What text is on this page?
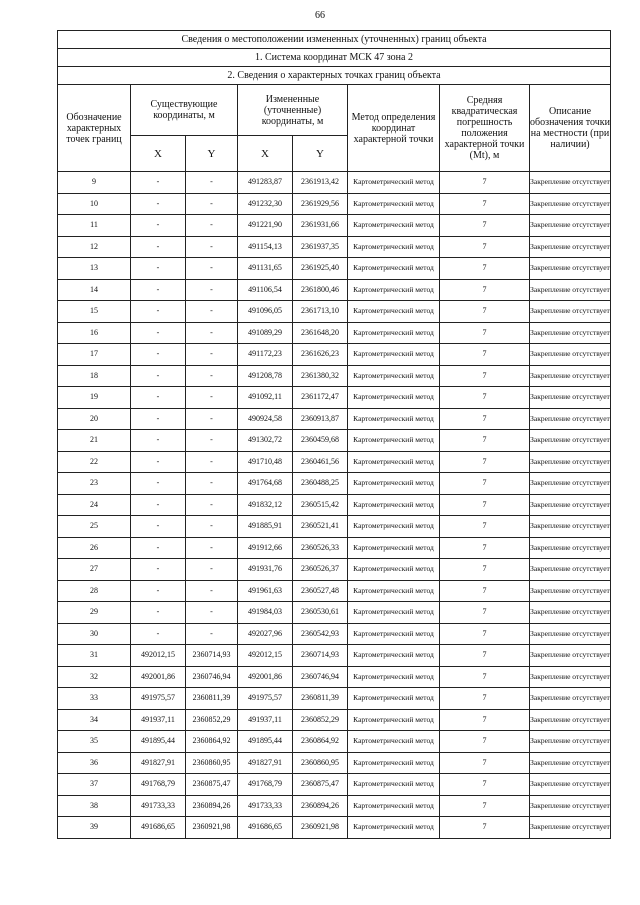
66
Сведения о местоположении измененных (уточненных) границ объекта							
1. Система координат МСК 47 зона 2							
2. Сведения о характерных точках границ объекта							
Обозначение характерных точек границ	Существующие координаты, м		Измененные (уточненные) координаты, м		Метод определения координат характерной точки	Средняя квадратическая погрешность положения характерной точки (Mt), м	Описание обозначения точки на местности (при наличии)
	X	Y	X	Y			
9	-	-	491283,87	2361913,42	Картометрический метод	7	Закрепление отсутствует
10	-	-	491232,30	2361929,56	Картометрический метод	7	Закрепление отсутствует
11	-	-	491221,90	2361931,66	Картометрический метод	7	Закрепление отсутствует
12	-	-	491154,13	2361937,35	Картометрический метод	7	Закрепление отсутствует
13	-	-	491131,65	2361925,40	Картометрический метод	7	Закрепление отсутствует
14	-	-	491106,54	2361800,46	Картометрический метод	7	Закрепление отсутствует
15	-	-	491096,05	2361713,10	Картометрический метод	7	Закрепление отсутствует
16	-	-	491089,29	2361648,20	Картометрический метод	7	Закрепление отсутствует
17	-	-	491172,23	2361626,23	Картометрический метод	7	Закрепление отсутствует
18	-	-	491208,78	2361380,32	Картометрический метод	7	Закрепление отсутствует
19	-	-	491092,11	2361172,47	Картометрический метод	7	Закрепление отсутствует
20	-	-	490924,58	2360913,87	Картометрический метод	7	Закрепление отсутствует
21	-	-	491302,72	2360459,68	Картометрический метод	7	Закрепление отсутствует
22	-	-	491710,48	2360461,56	Картометрический метод	7	Закрепление отсутствует
23	-	-	491764,68	2360488,25	Картометрический метод	7	Закрепление отсутствует
24	-	-	491832,12	2360515,42	Картометрический метод	7	Закрепление отсутствует
25	-	-	491885,91	2360521,41	Картометрический метод	7	Закрепление отсутствует
26	-	-	491912,66	2360526,33	Картометрический метод	7	Закрепление отсутствует
27	-	-	491931,76	2360526,37	Картометрический метод	7	Закрепление отсутствует
28	-	-	491961,63	2360527,48	Картометрический метод	7	Закрепление отсутствует
29	-	-	491984,03	2360530,61	Картометрический метод	7	Закрепление отсутствует
30	-	-	492027,96	2360542,93	Картометрический метод	7	Закрепление отсутствует
31	492012,15	2360714,93	492012,15	2360714,93	Картометрический метод	7	Закрепление отсутствует
32	492001,86	2360746,94	492001,86	2360746,94	Картометрический метод	7	Закрепление отсутствует
33	491975,57	2360811,39	491975,57	2360811,39	Картометрический метод	7	Закрепление отсутствует
34	491937,11	2360852,29	491937,11	2360852,29	Картометрический метод	7	Закрепление отсутствует
35	491895,44	2360864,92	491895,44	2360864,92	Картометрический метод	7	Закрепление отсутствует
36	491827,91	2360860,95	491827,91	2360860,95	Картометрический метод	7	Закрепление отсутствует
37	491768,79	2360875,47	491768,79	2360875,47	Картометрический метод	7	Закрепление отсутствует
38	491733,33	2360894,26	491733,33	2360894,26	Картометрический метод	7	Закрепление отсутствует
39	491686,65	2360921,98	491686,65	2360921,98	Картометрический метод	7	Закрепление отсутствует
